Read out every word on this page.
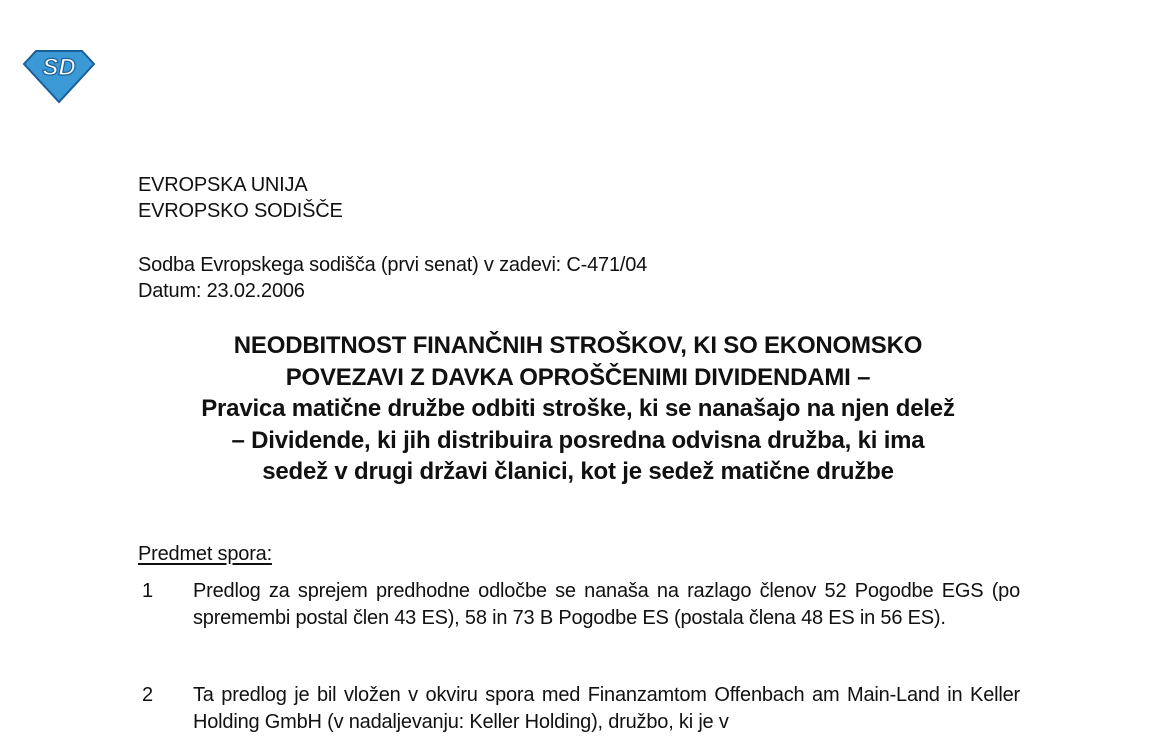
SD
EVROPSKA UNIJA
EVROPSKO SODIŠČE
Sodba Evropskega sodišča (prvi senat) v zadevi: C-471/04
Datum: 23.02.2006
NEODBITNOST FINANČNIH STROŠKOV, KI SO EKONOMSKO
POVEZAVI Z DAVKA OPROŠČENIMI DIVIDENDAMI –
Pravica matične družbe odbiti stroške, ki se nanašajo na njen delež
– Dividende, ki jih distribuira posredna odvisna družba, ki ima
sedež v drugi državi članici, kot je sedež matične družbe
Predmet spora:
1 Predlog za sprejem predhodne odločbe se nanaša na razlago členov 52 Pogodbe EGS (po spremembi postal člen 43 ES), 58 in 73 B Pogodbe ES (postala člena 48 ES in 56 ES).
2 Ta predlog je bil vložen v okviru spora med Finanzamtom Offenbach am Main-Land in Keller Holding GmbH (v nadaljevanju: Keller Holding), družbo, ki je v
